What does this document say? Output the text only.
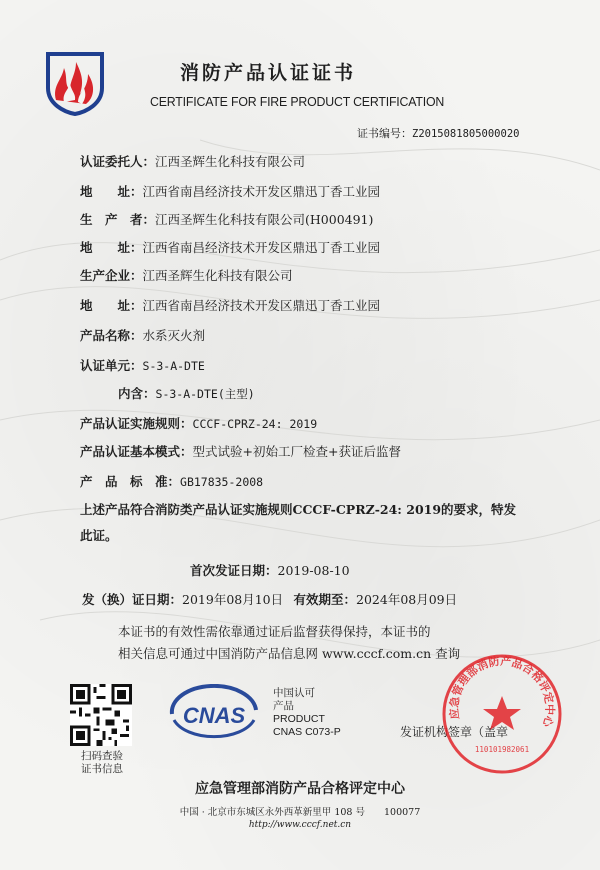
消防产品认证证书
CERTIFICATE FOR FIRE PRODUCT CERTIFICATION
证书编号：Z2015081805000020
认证委托人：江西圣辉生化科技有限公司
地　　址：江西省南昌经济技术开发区鼎迅丁香工业园
生　产　者：江西圣辉生化科技有限公司(H000491)
地　　址：江西省南昌经济技术开发区鼎迅丁香工业园
生产企业：江西圣辉生化科技有限公司
地　　址：江西省南昌经济技术开发区鼎迅丁香工业园
产品名称：水系灭火剂
认证单元：S-3-A-DTE
内含：S-3-A-DTE(主型)
产品认证实施规则：CCCF-CPRZ-24: 2019
产品认证基本模式：型式试验+初始工厂检查+获证后监督
产　品　标　准：GB17835-2008
上述产品符合消防类产品认证实施规则CCCF-CPRZ-24: 2019的要求，特发
此证。
首次发证日期：2019-08-10
发（换）证日期：2019年08月10日 有效期至：2024年08月09日
本证书的有效性需依靠通过证后监督获得保持，本证书的
相关信息可通过中国消防产品信息网 www.cccf.com.cn 查询
扫码查验
证书信息
CNAS
中国认可
产品
PRODUCT
CNAS C073-P	发证机构签章（盖章
应急管理部消防产品合格评定中心
110101982061
应急管理部消防产品合格评定中心
中国 · 北京市东城区永外西革新里甲 108 号　　100077
http://www.cccf.net.cn
